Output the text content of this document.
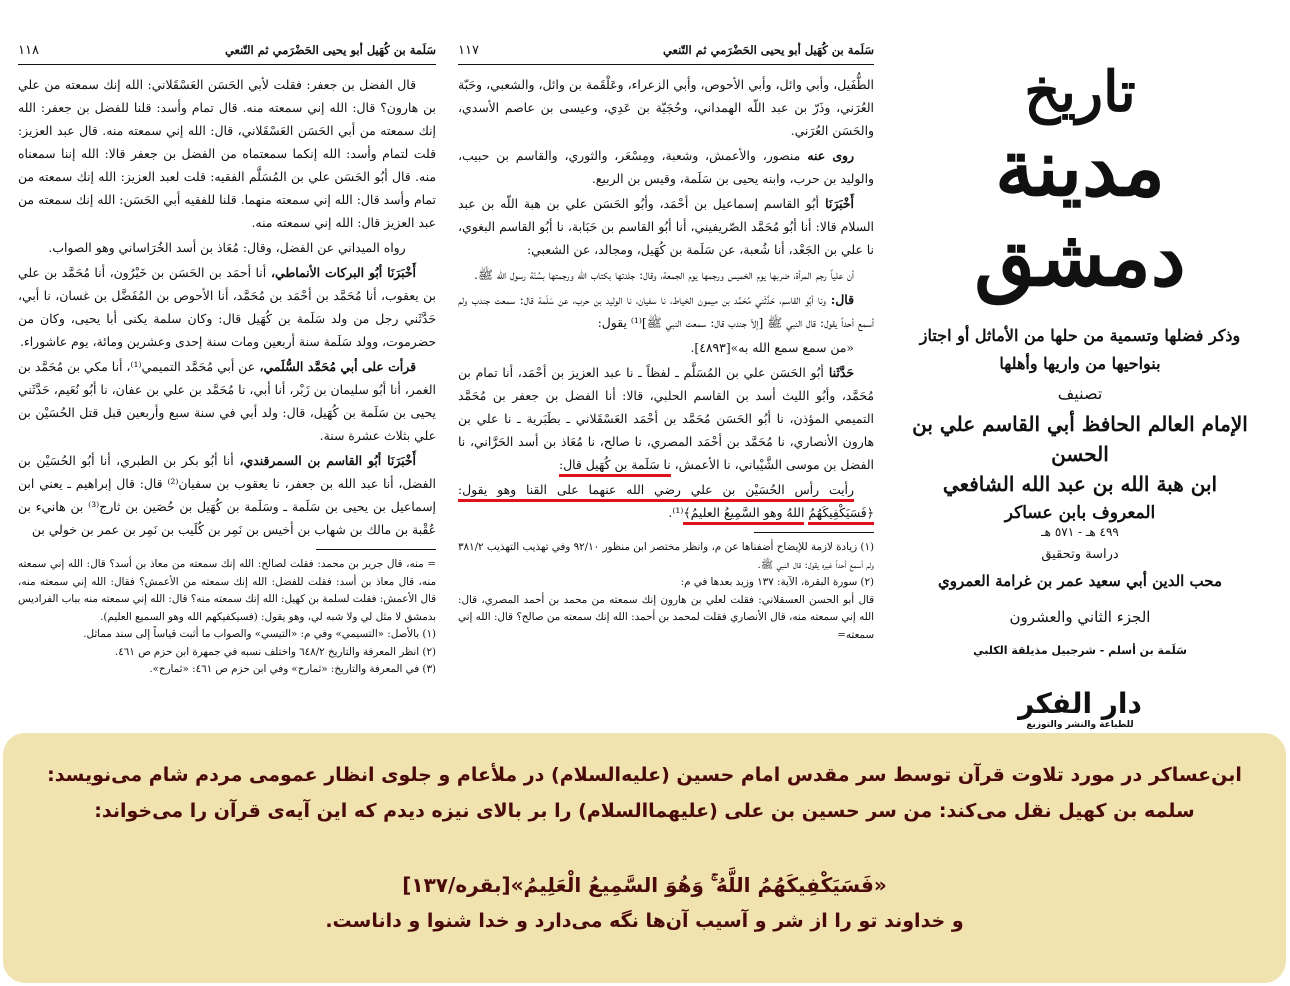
سَلَمة بن كُهَيل أبو يحيى الحَضْرَمي ثم التّنعي
١١٨

قال الفضل بن جعفر: فقلت لأبي الحَسَن العَسْقَلاني: الله إنك سمعته من علي بن هارون؟ قال: الله إني سمعته منه. قال تمام وأسد: قلنا للفضل بن جعفر: الله إنك سمعته من أبي الحَسَن العَسْقَلاني، قال: الله إني سمعته منه. قال عبد العزيز: قلت لتمام وأسد: الله إنكما سمعتماه من الفضل بن جعفر قالا: الله إننا سمعناه منه. قال أبُو الحَسَن علي بن المُسَلَّم الفقيه: قلت لعبد العزيز: الله إنك سمعته من تمام وأسد قال: الله إني سمعته منهما. قلنا للفقيه أبي الحَسَن: الله إنك سمعته من عبد العزيز قال: الله إني سمعته منه.

رواه الميداني عن الفضل، وقال: مُعَاذ بن أسد الخُرَاساني وهو الصواب.

أَخْبَرَنَا أبُو البركات الأنماطي، أنا أحمَد بن الحَسَن بن خَيْرُون، أنا مُحَمَّد بن علي بن يعقوب، أنا مُحَمَّد بن أحْمَد بن مُحَمَّد، أنا الأحوص بن المُفَضَّل بن غسان، نا أبي، حَدَّثَني رجل من ولد سَلَمة بن كُهَيل قال: وكان سلمة يكنى أبا يحيى، وكان من حضرموت، وولد سَلَمة سنة أربعين ومات سنة إحدى وعشرين ومائة، يوم عاشوراء.

قرأت على أبي مُحَمَّد السُّلَمي، عن أبي مُحَمَّد التميمي⁽¹⁾، أنا مكي بن مُحَمَّد بن الغمر، أنا أبُو سليمان بن زَبْر، أنا أبي، نا مُحَمَّد بن علي بن عفان، نا أبُو نُعَيم، حَدَّثَني يحيى بن سَلَمة بن كُهَيل، قال: ولد أبي في سنة سبع وأربعين قبل قتل الحُسَيْن بن علي بثلاث عشرة سنة.

أَخْبَرَنَا أبُو القاسم بن السمرقندي، أنا أبُو بكر بن الطبري، أنا أبُو الحُسَيْن بن الفضل، أنا عبد الله بن جعفر، نا يعقوب بن سفيان⁽²⁾ قال: قال إبراهيم ـ يعني ابن إسماعيل بن يحيى بن سَلَمة ـ وسَلَمة بن كُهَيل بن حُصَين بن ثارج⁽³⁾ بن هانيء بن عُقْبة بن مالك بن شهاب بن أخيس بن نَمِر بن كُلَيب بن نَمِر بن عمر بن خولي بن

= منه، قال جرير بن محمد: فقلت لصالح: الله إنك سمعته من معاذ بن أسد؟ قال: الله إني سمعته منه، قال معاذ بن أسد: فقلت للفضل: الله إنك سمعته من الأعمش؟ فقال: الله إني سمعته منه، قال الأعمش: فقلت لسلمة بن كهيل: الله إنك سمعته منه؟ قال: الله إني سمعته منه بباب الفراديس بدمشق لا مثل لي ولا شبه لي، وهو يقول: (فسيكفيكهم الله وهو السميع العليم).

(١) بالأصل: «التسيمي» وفي م: «التيسي» والصواب ما أثبت قياساً إلى سند مماثل.

(٢) انظر المعرفة والتاريخ ٦٤٨/٢ واختلف نسبه في جمهرة ابن حزم ص ٤٦١.

(٣) في المعرفة والتاريخ: «ثمارح» وفي ابن حزم ص ٤٦١: «ثمارح».

سَلَمة بن كُهَيل أبو يحيى الحَضْرَمي ثم التّنعي
١١٧

الطُّفَيل، وأبي وائل، وأبي الأحوص، وأبي الزعراء، وعَلْقَمة بن وائل، والشعبي، وحَبّة العُرَني، وذَرّ بن عبد اللّه الهمداني، وحُجَيّة بن عَدِي، وعيسى بن عاصم الأسدي، والحَسَن العُرَني.

روى عنه منصور، والأعمش، وشعبة، ومِسْعَر، والثوري، والقاسم بن حبيب، والوليد بن حرب، وابنه يحيى بن سَلَمة، وقيس بن الربيع.

أَخْبَرَنَا أبُو القاسم إسماعيل بن أحْمَد، وأبُو الحَسَن علي بن هبة اللّه بن عبد السلام قالا: أنا أبُو مُحَمَّد الصّريفيني، أنا أبُو القاسم بن حَبَابة، نا أبُو القاسم البغوي، نا علي بن الجَعْد، أنا شُعبة، عن سَلَمة بن كُهَيل، ومجالد، عن الشعبي:

أن علياً رجم المرأة، ضربها يوم الخميس ورجمها يوم الجمعة، وقال: جلدتها بكتاب الله ورجمتها بسُنّة رسول الله ﷺ.

قال: ونا أبُو القاسم، حَدَّثَني مُحَمَّد بن ميمون الخياط، نا سفيان، نا الوليد بن حرب، عن سَلَمة قال: سمعت جندب ولم أسمع أحداً يقول: قال النبي ﷺ [إلاّ جندب قال: سمعت النبي ﷺ]⁽¹⁾ يقول:

«من سمع سمع الله به»[٤٨٩٣].

حَدَّثَنا أبُو الحَسَن علي بن المُسَلَّم ـ لفظاً ـ نا عبد العزيز بن أحْمَد، أنا تمام بن مُحَمَّد، وأبُو الليث أسد بن القاسم الحلبي، قالا: أنا الفضل بن جعفر بن مُحَمَّد التميمي المؤذن، نا أبُو الحَسَن مُحَمَّد بن أحْمَد العَسْقَلاني ـ بطَبَرية ـ نا علي بن هارون الأنصاري، نا مُحَمَّد بن أحْمَد المصري، نا صالح، نا مُعَاذ بن أسد الحَرَّاني، نا الفضل بن موسى الشَّيْباني، نا الأعمش، نا سَلَمة بن كُهَيل قال:

رأيت رأس الحُسَيْن بن علي رضي الله عنهما على القنا وهو يقول: ﴿فَسَيَكْفِيكَهُمُ اللهُ وهو السَّمِيعُ العليمُ﴾⁽¹⁾.

(١) زيادة لازمة للإيضاح أضفناها عن م، وانظر مختصر ابن منظور ٩٢/١٠ وفي تهذيب التهذيب ٣٨١/٢ ولم أسمع أحداً غيره يقول: قال النبي ﷺ.

(٢) سورة البقرة، الآية: ١٣٧ وزيد بعدها في م:

قال أبو الحسن العسقلاني: فقلت لعلي بن هارون إنك سمعته من محمد بن أحمد المصري، قال: الله إني سمعته منه، قال الأنصاري فقلت لمحمد بن أحمد: الله إنك سمعته من صالح؟ قال: الله إني سمعته=

تاريخ
مدينة دمشق
وذكر فضلها وتسمية من حلها من الأماثل أو اجتاز
بنواحيها من واريها وأهلها
تصنيف
الإمام العالم الحافظ أبي القاسم علي بن الحسن
ابن هبة الله بن عبد الله الشافعي
المعروف بابن عساكر
٤٩٩ هـ - ٥٧١ هـ
دراسة وتحقيق
محب الدين أبي سعيد عمر بن غرامة العمروي
الجزء الثاني والعشرون
سَلَمة بن أسلم - شرجبيل مذيلقة الكلبي
دار الفكر
للطباعة والنشر والتوزيع
ابن‌عساکر در مورد تلاوت قرآن توسط سر مقدس امام حسین (علیه‌السلام) در ملأعام و جلوی انظار عمومی مردم شام می‌نویسد:
سلمه بن کهیل نقل می‌کند: من سر حسین بن علی (علیهما‌السلام) را بر بالای نیزه دیدم که این آیه‌ی قرآن را می‌خواند:
«فَسَيَكْفِيكَهُمُ اللَّهُ ۚ وَهُوَ السَّمِيعُ الْعَلِيمُ»[بقره/۱۳۷]
و خداوند تو را از شر و آسیب آن‌ها نگه می‌دارد و خدا شنوا و داناست.
